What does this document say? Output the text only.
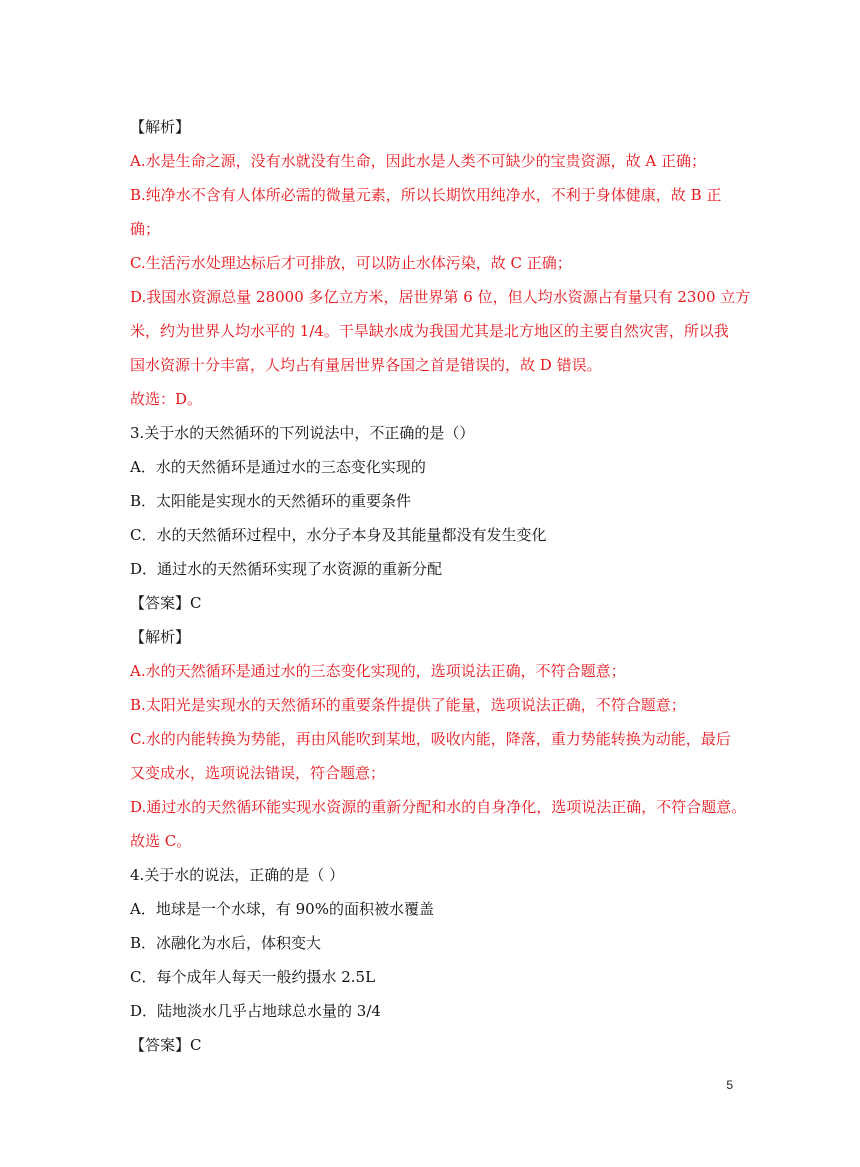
【解析】
A.水是生命之源，没有水就没有生命，因此水是人类不可缺少的宝贵资源，故 A 正确；
B.纯净水不含有人体所必需的微量元素，所以长期饮用纯净水，不利于身体健康，故 B 正
确；
C.生活污水处理达标后才可排放，可以防止水体污染，故 C 正确；
D.我国水资源总量 28000 多亿立方米，居世界第 6 位，但人均水资源占有量只有 2300 立方
米，约为世界人均水平的 1/4。干旱缺水成为我国尤其是北方地区的主要自然灾害，所以我
国水资源十分丰富，人均占有量居世界各国之首是错误的，故 D 错误。
故选：D。
3.关于水的天然循环的下列说法中，不正确的是（）
A．水的天然循环是通过水的三态变化实现的
B．太阳能是实现水的天然循环的重要条件
C．水的天然循环过程中，水分子本身及其能量都没有发生变化
D．通过水的天然循环实现了水资源的重新分配
【答案】C
【解析】
A.水的天然循环是通过水的三态变化实现的，选项说法正确，不符合题意；
B.太阳光是实现水的天然循环的重要条件提供了能量，选项说法正确，不符合题意；
C.水的内能转换为势能，再由风能吹到某地，吸收内能，降落，重力势能转换为动能，最后
又变成水，选项说法错误，符合题意；
D.通过水的天然循环能实现水资源的重新分配和水的自身净化，选项说法正确，不符合题意。
故选 C。
4.关于水的说法，正确的是（ ）
A．地球是一个水球，有 90%的面积被水覆盖
B．冰融化为水后，体积变大
C．每个成年人每天一般约摄水 2.5L
D．陆地淡水几乎占地球总水量的 3/4
【答案】C
5
